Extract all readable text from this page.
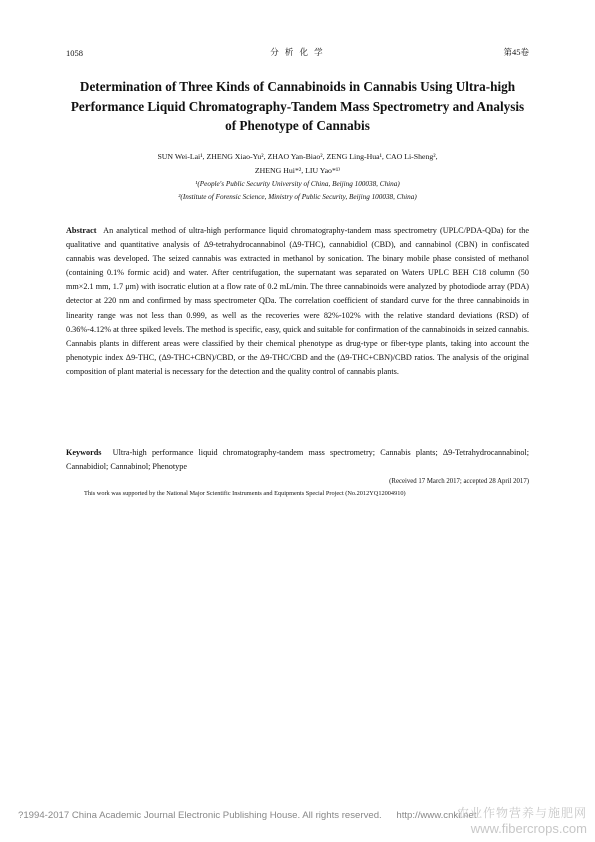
1058	分 析 化 学	第45卷
Determination of Three Kinds of Cannabinoids in Cannabis Using Ultra-high Performance Liquid Chromatography-Tandem Mass Spectrometry and Analysis of Phenotype of Cannabis
SUN Wei-Lai¹, ZHENG Xiao-Yu², ZHAO Yan-Biao², ZENG Ling-Hua¹, CAO Li-Sheng²,
ZHENG Hui*², LIU Yao*¹⁾
¹(People's Public Security University of China, Beijing 100038, China)
²(Institute of Forensic Science, Ministry of Public Security, Beijing 100038, China)
Abstract An analytical method of ultra-high performance liquid chromatography-tandem mass spectrometry (UPLC/PDA-QDa) for the qualitative and quantitative analysis of Δ9-tetrahydrocannabinol (Δ9-THC), cannabidiol (CBD), and cannabinol (CBN) in confiscated cannabis was developed. The seized cannabis was extracted in methanol by sonication. The binary mobile phase consisted of methanol (containing 0.1% formic acid) and water. After centrifugation, the supernatant was separated on Waters UPLC BEH C18 column (50 mm×2.1 mm, 1.7 μm) with isocratic elution at a flow rate of 0.2 mL/min. The three cannabinoids were analyzed by photodiode array (PDA) detector at 220 nm and confirmed by mass spectrometer QDa. The correlation coefficient of standard curve for the three cannabinoids in linearity range was not less than 0.999, as well as the recoveries were 82%-102% with the relative standard deviations (RSD) of 0.36%-4.12% at three spiked levels. The method is specific, easy, quick and suitable for confirmation of the cannabinoids in seized cannabis. Cannabis plants in different areas were classified by their chemical phenotype as drug-type or fiber-type plants, taking into account the phenotypic index Δ9-THC, (Δ9-THC+CBN)/CBD, or the Δ9-THC/CBD and the (Δ9-THC+CBN)/CBD ratios. The analysis of the original composition of plant material is necessary for the detection and the quality control of cannabis plants.
Keywords Ultra-high performance liquid chromatography-tandem mass spectrometry; Cannabis plants; Δ9-Tetrahydrocannabinol; Cannabidiol; Cannabinol; Phenotype
(Received 17 March 2017; accepted 28 April 2017)
This work was supported by the National Major Scientific Instruments and Equipments Special Project (No.2012YQ12004910)
?1994-2017 China Academic Journal Electronic Publishing House. All rights reserved. http://www.cnki.net
农业作物营养与施肥网
www.fibercrops.com
